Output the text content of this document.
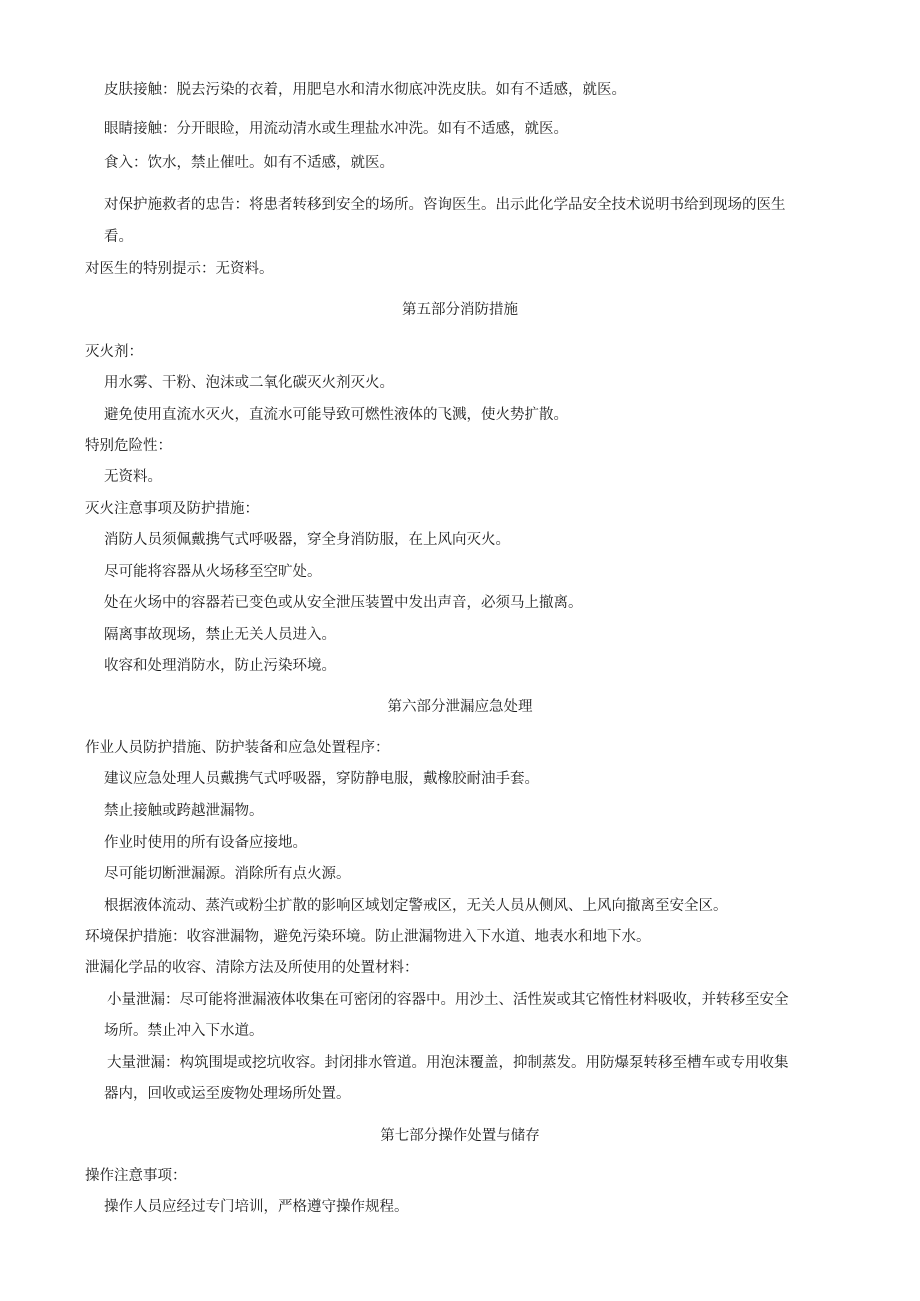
皮肤接触：脱去污染的衣着，用肥皂水和清水彻底冲洗皮肤。如有不适感，就医。
眼睛接触：分开眼睑，用流动清水或生理盐水冲洗。如有不适感，就医。
食入：饮水，禁止催吐。如有不适感，就医。
对保护施救者的忠告：将患者转移到安全的场所。咨询医生。出示此化学品安全技术说明书给到现场的医生
看。
对医生的特别提示：无资料。
第五部分消防措施
灭火剂：
用水雾、干粉、泡沫或二氧化碳灭火剂灭火。
避免使用直流水灭火，直流水可能导致可燃性液体的飞溅，使火势扩散。
特别危险性：
无资料。
灭火注意事项及防护措施：
消防人员须佩戴携气式呼吸器，穿全身消防服，在上风向灭火。
尽可能将容器从火场移至空旷处。
处在火场中的容器若已变色或从安全泄压装置中发出声音，必须马上撤离。
隔离事故现场，禁止无关人员进入。
收容和处理消防水，防止污染环境。
第六部分泄漏应急处理
作业人员防护措施、防护装备和应急处置程序：
建议应急处理人员戴携气式呼吸器，穿防静电服，戴橡胶耐油手套。
禁止接触或跨越泄漏物。
作业时使用的所有设备应接地。
尽可能切断泄漏源。消除所有点火源。
根据液体流动、蒸汽或粉尘扩散的影响区域划定警戒区，无关人员从侧风、上风向撤离至安全区。
环境保护措施：收容泄漏物，避免污染环境。防止泄漏物进入下水道、地表水和地下水。
泄漏化学品的收容、清除方法及所使用的处置材料：
小量泄漏：尽可能将泄漏液体收集在可密闭的容器中。用沙土、活性炭或其它惰性材料吸收，并转移至安全
场所。禁止冲入下水道。
大量泄漏：构筑围堤或挖坑收容。封闭排水管道。用泡沫覆盖，抑制蒸发。用防爆泵转移至槽车或专用收集
器内，回收或运至废物处理场所处置。
第七部分操作处置与储存
操作注意事项：
操作人员应经过专门培训，严格遵守操作规程。
